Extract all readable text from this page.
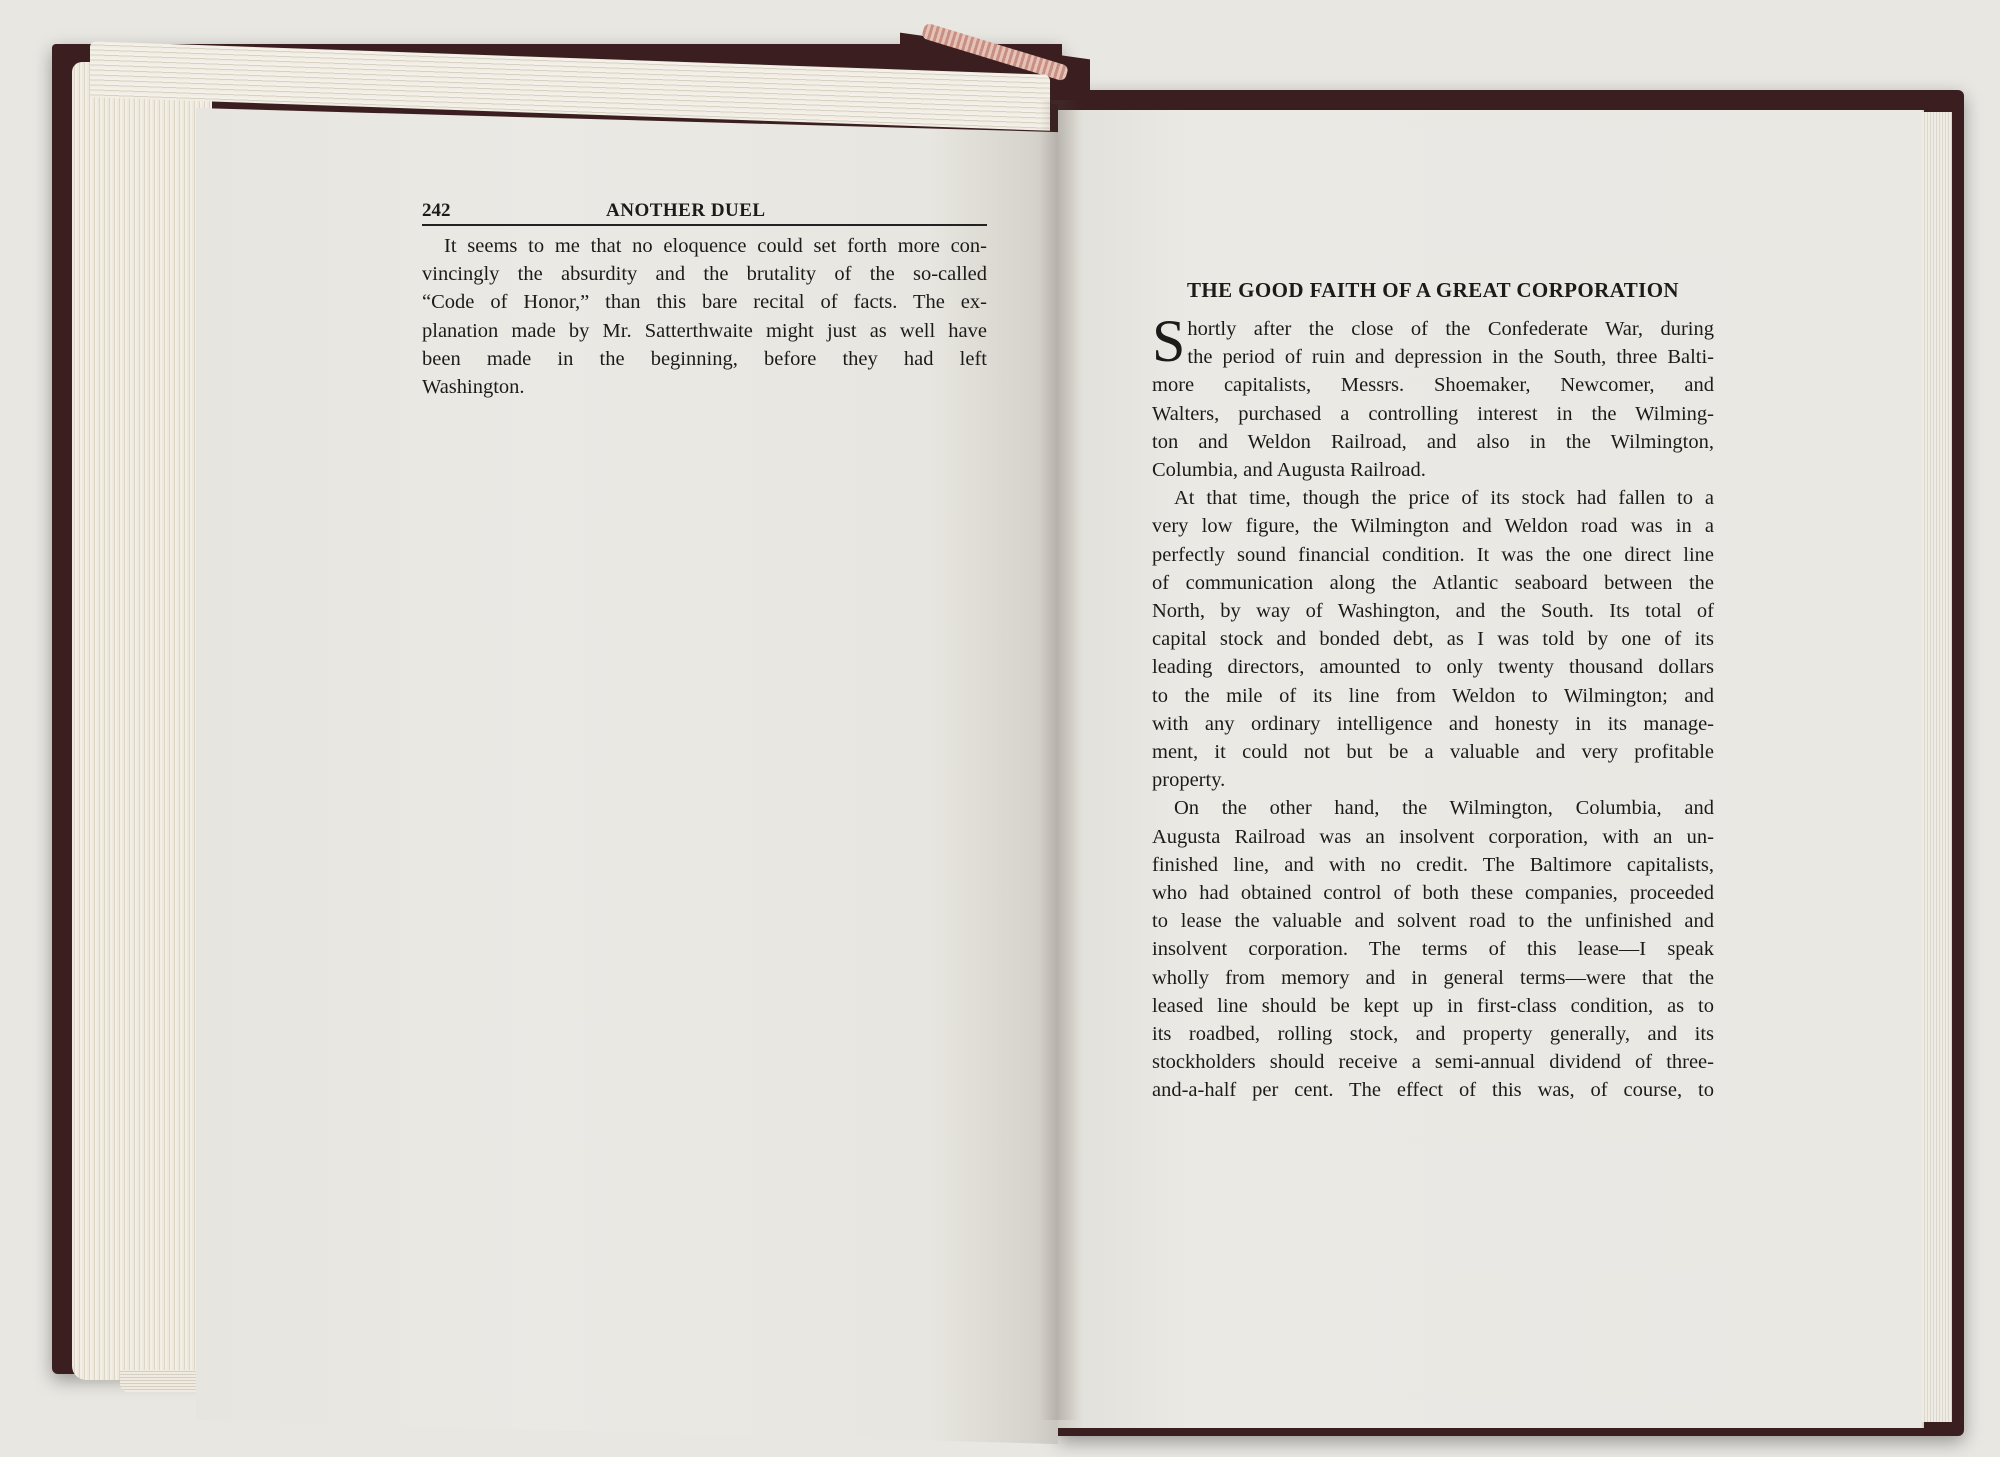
242	ANOTHER DUEL
It seems to me that no eloquence could set forth more con-
vincingly the absurdity and the brutality of the so-called
“Code of Honor,” than this bare recital of facts. The ex-
planation made by Mr. Satterthwaite might just as well have
been made in the beginning, before they had left
Washington.
THE GOOD FAITH OF A GREAT CORPORATION
S hortly after the close of the Confederate War, during
the period of ruin and depression in the South, three Balti-
more capitalists, Messrs. Shoemaker, Newcomer, and
Walters, purchased a controlling interest in the Wilming-
ton and Weldon Railroad, and also in the Wilmington,
Columbia, and Augusta Railroad.
At that time, though the price of its stock had fallen to a
very low figure, the Wilmington and Weldon road was in a
perfectly sound financial condition. It was the one direct line
of communication along the Atlantic seaboard between the
North, by way of Washington, and the South. Its total of
capital stock and bonded debt, as I was told by one of its
leading directors, amounted to only twenty thousand dollars
to the mile of its line from Weldon to Wilmington; and
with any ordinary intelligence and honesty in its manage-
ment, it could not but be a valuable and very profitable
property.
On the other hand, the Wilmington, Columbia, and
Augusta Railroad was an insolvent corporation, with an un-
finished line, and with no credit. The Baltimore capitalists,
who had obtained control of both these companies, proceeded
to lease the valuable and solvent road to the unfinished and
insolvent corporation. The terms of this lease—I speak
wholly from memory and in general terms—were that the
leased line should be kept up in first-class condition, as to
its roadbed, rolling stock, and property generally, and its
stockholders should receive a semi-annual dividend of three-
and-a-half per cent. The effect of this was, of course, to
